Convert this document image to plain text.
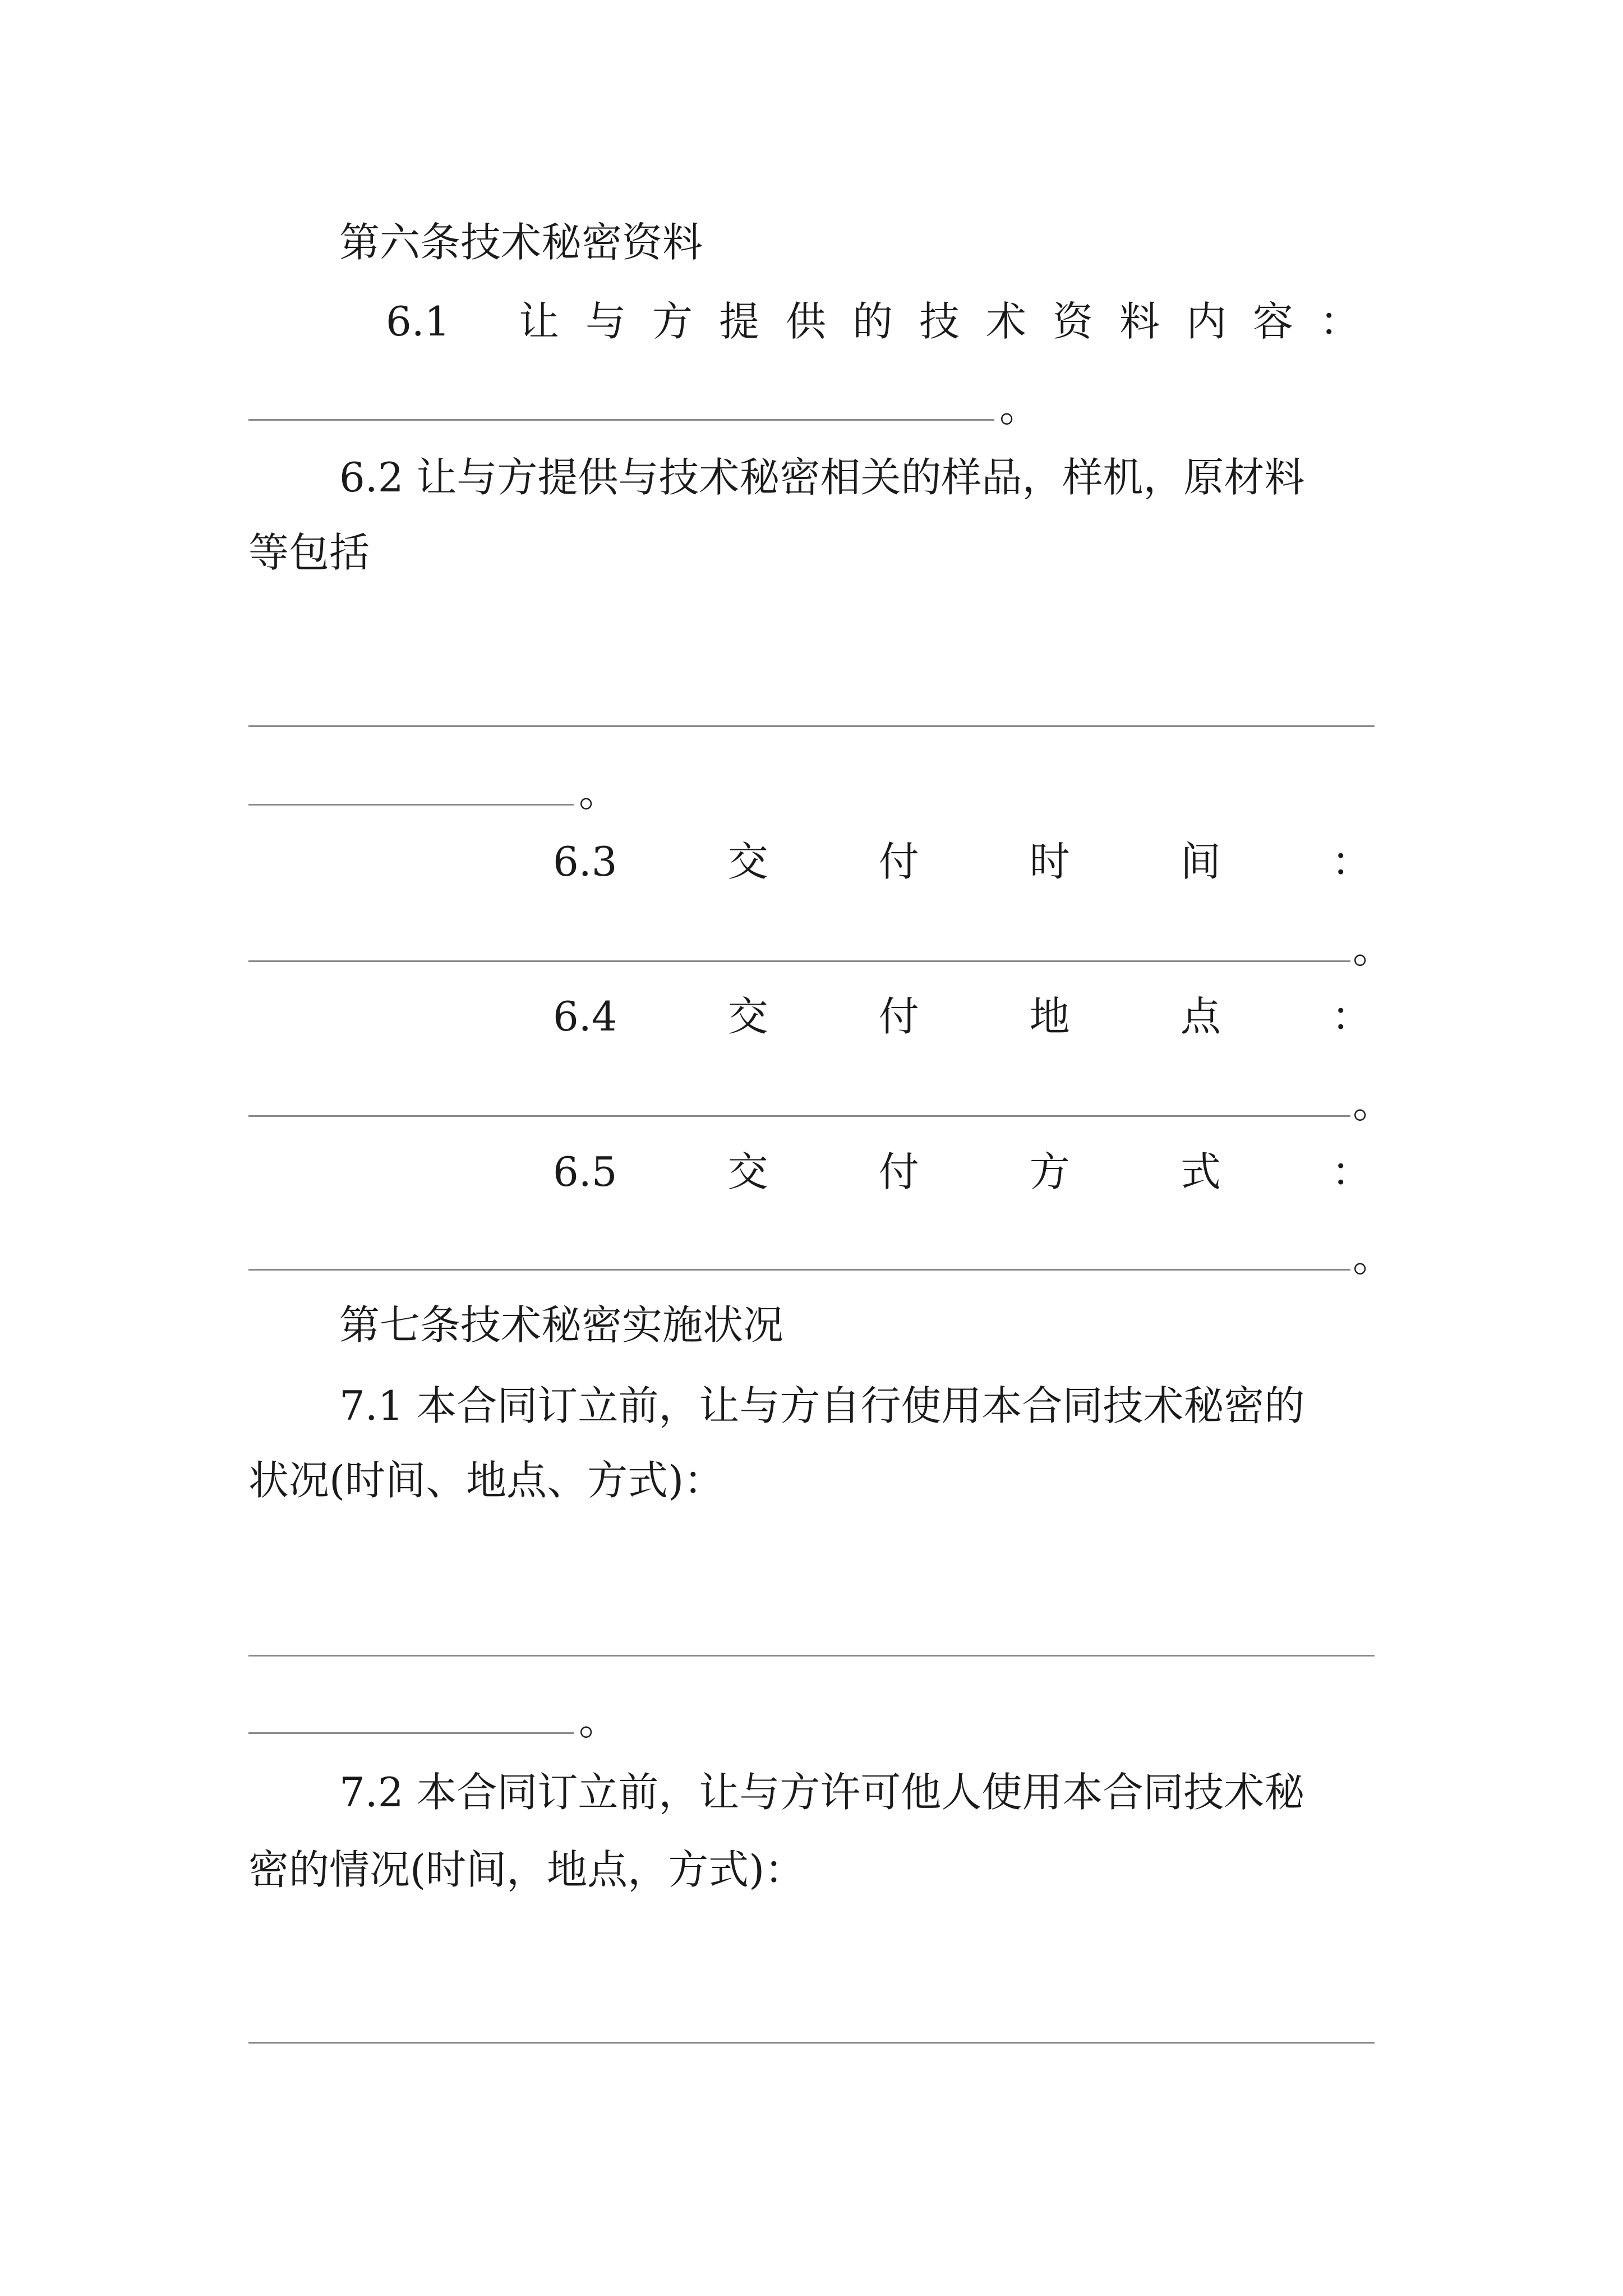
第六条技术秘密资料
6.1 让与方提供的技术资料内容：
。
6.2 让与方提供与技术秘密相关的样品，样机，原材料
等包括
。
6.3	交	付	时	间	：
。
6.4	交	付	地	点	：
。
6.5	交	付	方	式	：
。
第七条技术秘密实施状况
7.1 本合同订立前，让与方自行使用本合同技术秘密的
状况(时间、地点、方式)：
。
7.2 本合同订立前，让与方许可他人使用本合同技术秘
密的情况(时间，地点，方式)：
